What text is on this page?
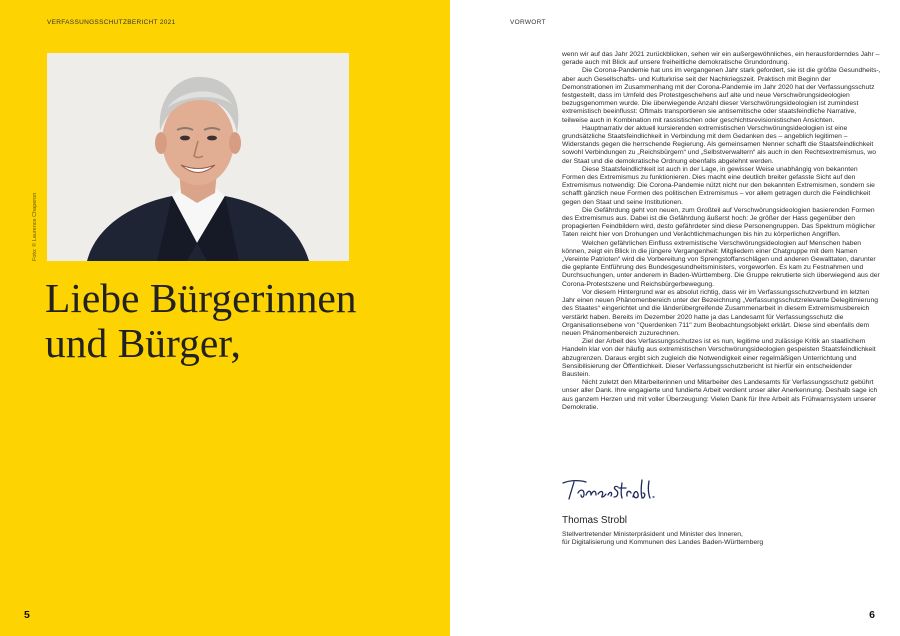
VERFASSUNGSSCHUTZBERICHT 2021
Foto: © Laurence Chaperon
Liebe Bürgerinnen
und Bürger,
5
VORWORT

wenn wir auf das Jahr 2021 zurückblicken, sehen wir ein außergewöhnliches, ein herausforderndes Jahr – gerade auch mit Blick auf unsere freiheitliche demokratische Grundordnung.

Die Corona-Pandemie hat uns im vergangenen Jahr stark gefordert, sie ist die größte Gesundheits-, aber auch Gesellschafts- und Kulturkrise seit der Nachkriegszeit. Praktisch mit Beginn der Demonstrationen im Zusammenhang mit der Corona-Pandemie im Jahr 2020 hat der Verfassungsschutz festgestellt, dass im Umfeld des Protestgeschehens auf alte und neue Verschwörungsideologien bezugsgenommen wurde. Die überwiegende Anzahl dieser Verschwörungsideologien ist zumindest extremistisch beeinflusst: Oftmals transportieren sie antisemitische oder staatsfeindliche Narrative, teilweise auch in Kombination mit rassistischen oder geschichtsrevisionistischen Ansichten.

Hauptnarrativ der aktuell kursierenden extremistischen Verschwörungsideologien ist eine grundsätzliche Staatsfeindlichkeit in Verbindung mit dem Gedanken des – angeblich legitimen – Widerstands gegen die herrschende Regierung. Als gemeinsamen Nenner schafft die Staatsfeindlichkeit sowohl Verbindungen zu „Reichsbürgern“ und „Selbstverwaltern“ als auch in den Rechtsextremismus, wo der Staat und die demokratische Ordnung ebenfalls abgelehnt werden.

Diese Staatsfeindlichkeit ist auch in der Lage, in gewisser Weise unabhängig von bekannten Formen des Extremismus zu funktionieren. Dies macht eine deutlich breiter gefasste Sicht auf den Extremismus notwendig: Die Corona-Pandemie nützt nicht nur den bekannten Extremismen, sondern sie schafft gänzlich neue Formen des politischen Extremismus – vor allem getragen durch die Feindlichkeit gegen den Staat und seine Institutionen.

Die Gefährdung geht von neuen, zum Großteil auf Verschwörungsideologien basierenden Formen des Extremismus aus. Dabei ist die Gefährdung äußerst hoch: Je größer der Hass gegenüber den propagierten Feindbildern wird, desto gefährdeter sind diese Personengruppen. Das Spektrum möglicher Taten reicht hier von Drohungen und Verächtlichmachungen bis hin zu körperlichen Angriffen.

Welchen gefährlichen Einfluss extremistische Verschwörungsideologien auf Menschen haben können, zeigt ein Blick in die jüngere Vergangenheit: Mitgliedern einer Chatgruppe mit dem Namen „Vereinte Patrioten“ wird die Vorbereitung von Sprengstoffanschlägen und anderen Gewalttaten, darunter die geplante Entführung des Bundesgesundheitsministers, vorgeworfen. Es kam zu Festnahmen und Durchsuchungen, unter anderem in Baden-Württemberg. Die Gruppe rekrutierte sich überwiegend aus der Corona-Protestszene und Reichsbürgerbewegung.

Vor diesem Hintergrund war es absolut richtig, dass wir im Verfassungsschutzverbund im letzten Jahr einen neuen Phänomenbereich unter der Bezeichnung „Verfassungsschutzrelevante Delegitimierung des Staates“ eingerichtet und die länderübergreifende Zusammenarbeit in diesem Extremismusbereich verstärkt haben. Bereits im Dezember 2020 hatte ja das Landesamt für Verfassungsschutz die Organisationsebene von "Querdenken 711" zum Beobachtungsobjekt erklärt. Diese sind ebenfalls dem neuen Phänomenbereich zuzurechnen.

Ziel der Arbeit des Verfassungsschutzes ist es nun, legitime und zulässige Kritik an staatlichem Handeln klar von der häufig aus extremistischen Verschwörungsideologien gespeisten Staatsfeindlichkeit abzugrenzen. Daraus ergibt sich zugleich die Notwendigkeit einer regelmäßigen Unterrichtung und Sensibilisierung der Öffentlichkeit. Dieser Verfassungsschutzbericht ist hierfür ein entscheidender Baustein.

Nicht zuletzt den Mitarbeiterinnen und Mitarbeiter des Landesamts für Verfassungsschutz gebührt unser aller Dank. Ihre engagierte und fundierte Arbeit verdient unser aller Anerkennung. Deshalb sage ich aus ganzem Herzen und mit voller Überzeugung: Vielen Dank für Ihre Arbeit als Frühwarnsystem unserer Demokratie.

Thomas Strobl
Stellvertretender Ministerpräsident und Minister des Inneren,
für Digitalisierung und Kommunen des Landes Baden-Württemberg
6
